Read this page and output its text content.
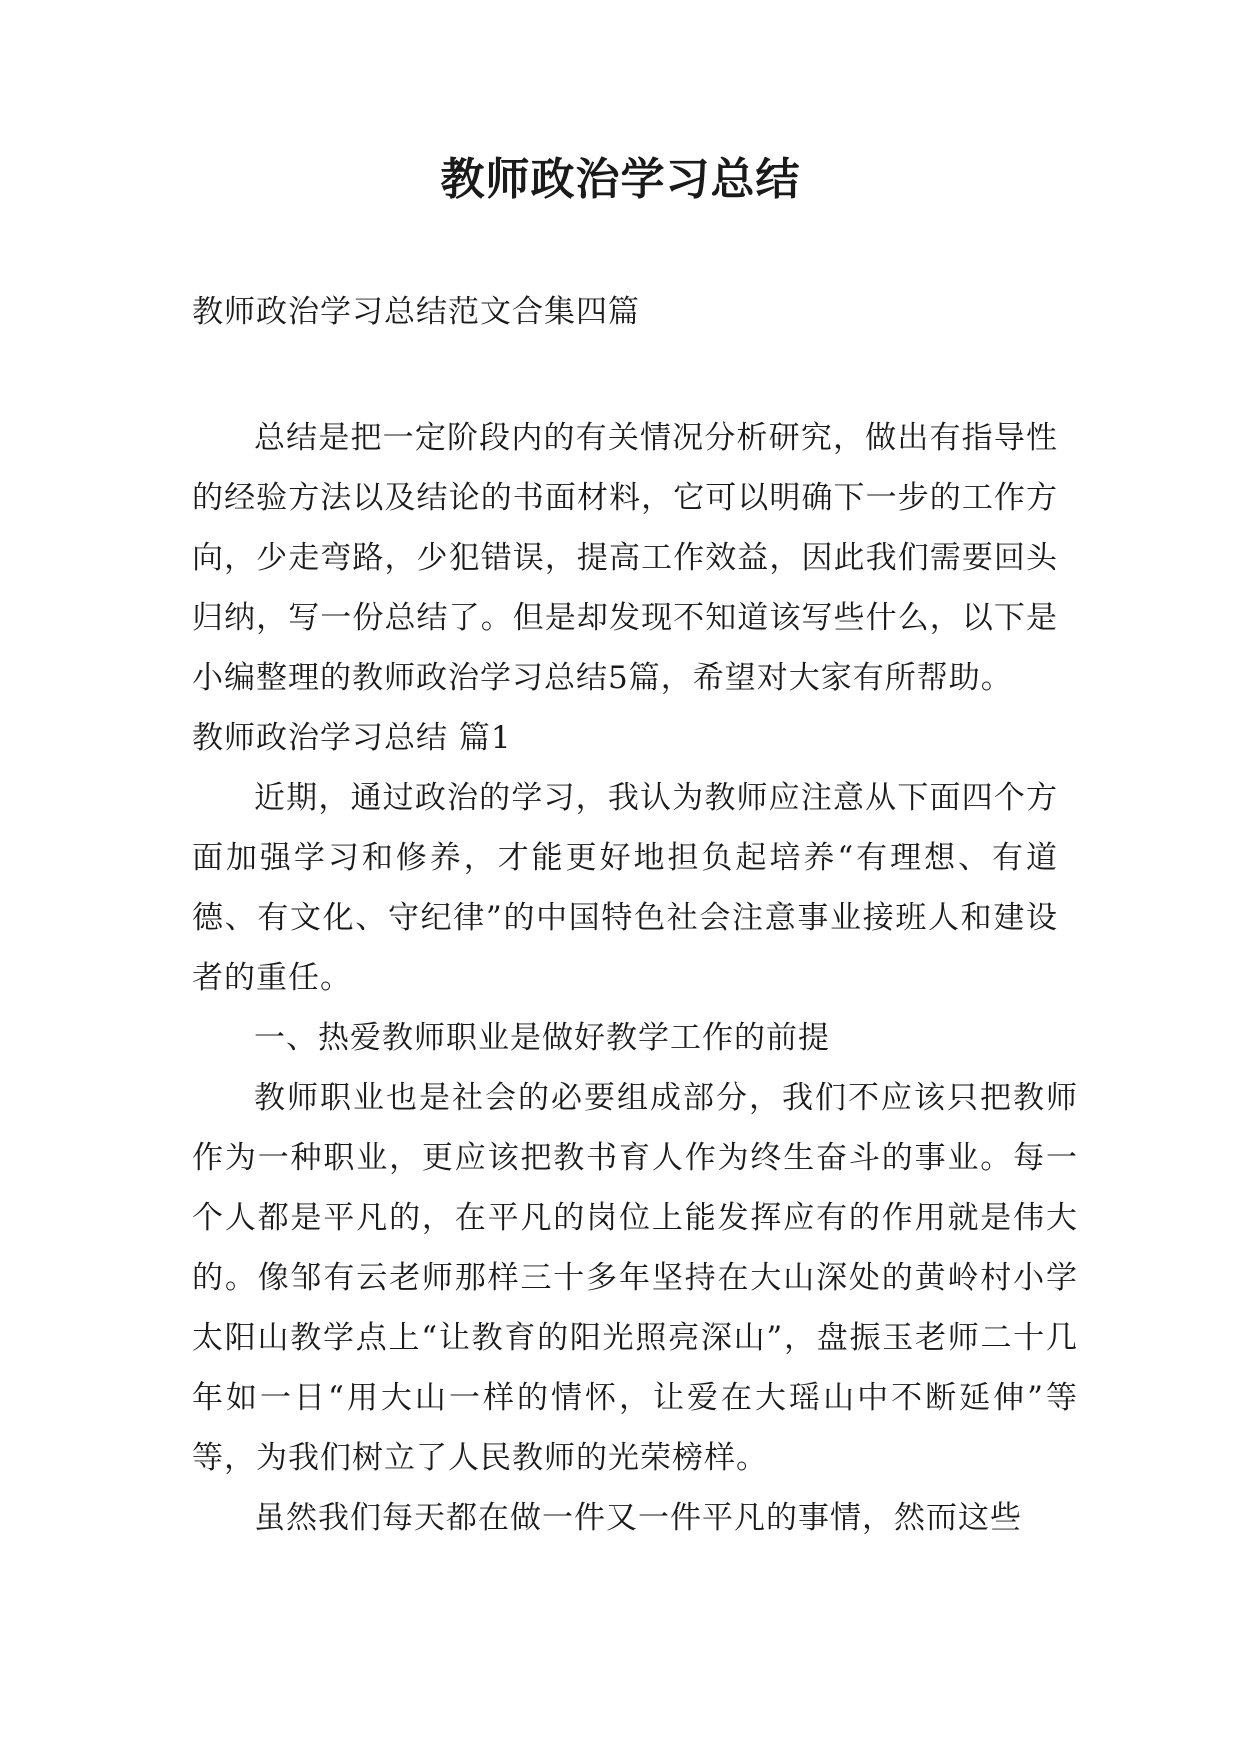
教师政治学习总结
教师政治学习总结范文合集四篇

总结是把一定阶段内的有关情况分析研究，做出有指导性的经验方法以及结论的书面材料，它可以明确下一步的工作方向，少走弯路，少犯错误，提高工作效益，因此我们需要回头归纳，写一份总结了。但是却发现不知道该写些什么，以下是小编整理的教师政治学习总结5篇，希望对大家有所帮助。

教师政治学习总结 篇1

近期，通过政治的学习，我认为教师应注意从下面四个方面加强学习和修养，才能更好地担负起培养“有理想、有道德、有文化、守纪律”的中国特色社会注意事业接班人和建设者的重任。

一、热爱教师职业是做好教学工作的前提

教师职业也是社会的必要组成部分，我们不应该只把教师作为一种职业，更应该把教书育人作为终生奋斗的事业。每一个人都是平凡的，在平凡的岗位上能发挥应有的作用就是伟大的。像邹有云老师那样三十多年坚持在大山深处的黄岭村小学太阳山教学点上“让教育的阳光照亮深山”，盘振玉老师二十几年如一日“用大山一样的情怀，让爱在大瑶山中不断延伸”等等，为我们树立了人民教师的光荣榜样。

虽然我们每天都在做一件又一件平凡的事情，然而这些
